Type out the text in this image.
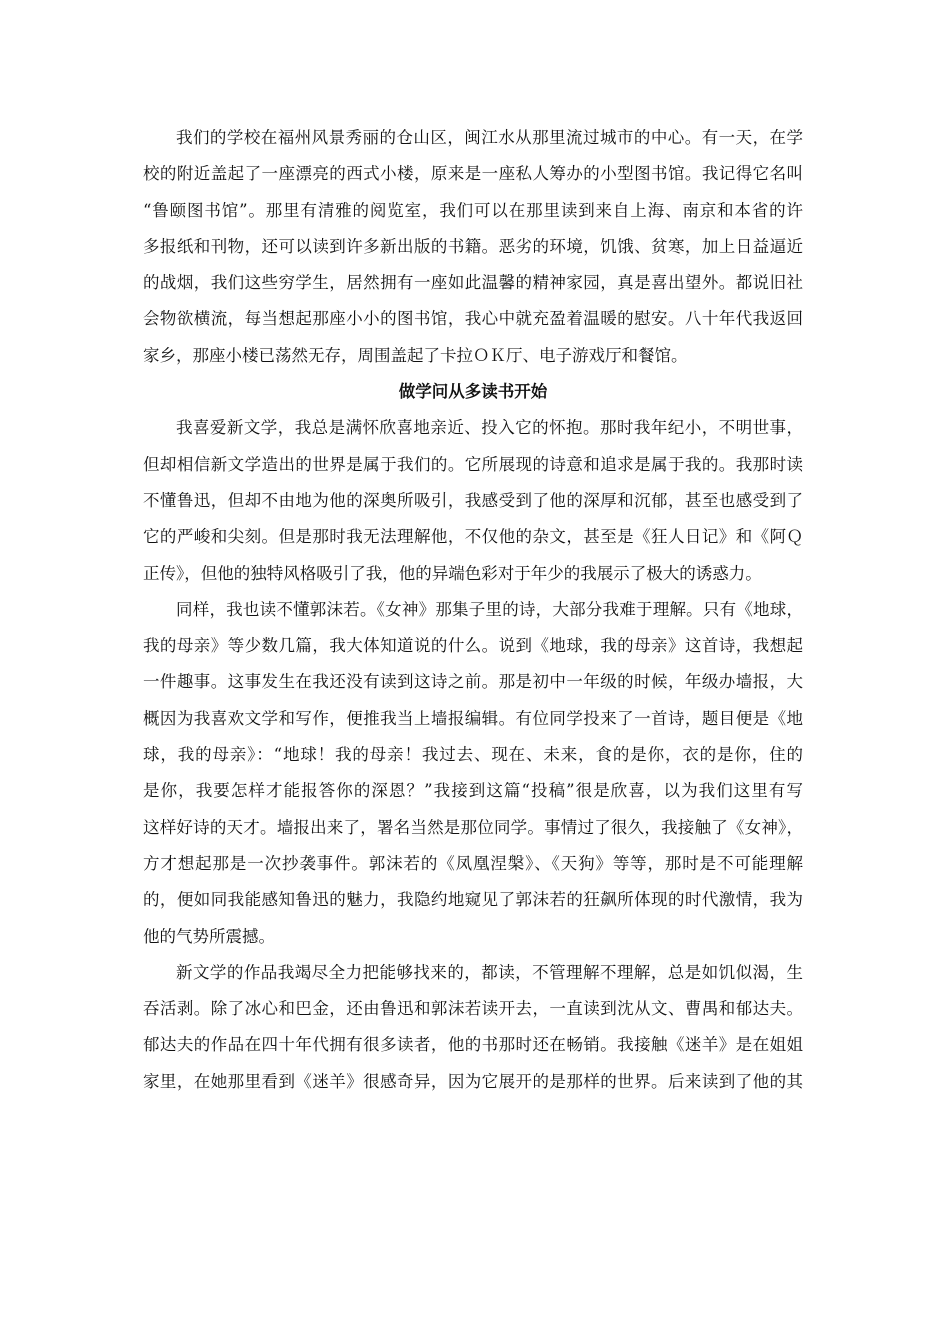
我们的学校在福州风景秀丽的仓山区，闽江水从那里流过城市的中心。有一天，在学
校的附近盖起了一座漂亮的西式小楼，原来是一座私人筹办的小型图书馆。我记得它名叫
“鲁颐图书馆”。那里有清雅的阅览室，我们可以在那里读到来自上海、南京和本省的许
多报纸和刊物，还可以读到许多新出版的书籍。恶劣的环境，饥饿、贫寒，加上日益逼近
的战烟，我们这些穷学生，居然拥有一座如此温馨的精神家园，真是喜出望外。都说旧社
会物欲横流，每当想起那座小小的图书馆，我心中就充盈着温暖的慰安。八十年代我返回
家乡，那座小楼已荡然无存，周围盖起了卡拉ＯＫ厅、电子游戏厅和餐馆。
做学问从多读书开始
我喜爱新文学，我总是满怀欣喜地亲近、投入它的怀抱。那时我年纪小，不明世事，
但却相信新文学造出的世界是属于我们的。它所展现的诗意和追求是属于我的。我那时读
不懂鲁迅，但却不由地为他的深奥所吸引，我感受到了他的深厚和沉郁，甚至也感受到了
它的严峻和尖刻。但是那时我无法理解他，不仅他的杂文，甚至是《狂人日记》和《阿Ｑ
正传》，但他的独特风格吸引了我，他的异端色彩对于年少的我展示了极大的诱惑力。
同样，我也读不懂郭沫若。《女神》那集子里的诗，大部分我难于理解。只有《地球，
我的母亲》等少数几篇，我大体知道说的什么。说到《地球，我的母亲》这首诗，我想起
一件趣事。这事发生在我还没有读到这诗之前。那是初中一年级的时候，年级办墙报，大
概因为我喜欢文学和写作，便推我当上墙报编辑。有位同学投来了一首诗，题目便是《地
球，我的母亲》：“地球！我的母亲！我过去、现在、未来，食的是你，衣的是你，住的
是你，我要怎样才能报答你的深恩？”我接到这篇“投稿”很是欣喜，以为我们这里有写
这样好诗的天才。墙报出来了，署名当然是那位同学。事情过了很久，我接触了《女神》，
方才想起那是一次抄袭事件。郭沫若的《凤凰涅槃》、《天狗》等等，那时是不可能理解
的，便如同我能感知鲁迅的魅力，我隐约地窥见了郭沫若的狂飙所体现的时代激情，我为
他的气势所震撼。
新文学的作品我竭尽全力把能够找来的，都读，不管理解不理解，总是如饥似渴，生
吞活剥。除了冰心和巴金，还由鲁迅和郭沫若读开去，一直读到沈从文、曹禺和郁达夫。
郁达夫的作品在四十年代拥有很多读者，他的书那时还在畅销。我接触《迷羊》是在姐姐
家里，在她那里看到《迷羊》很感奇异，因为它展开的是那样的世界。后来读到了他的其
